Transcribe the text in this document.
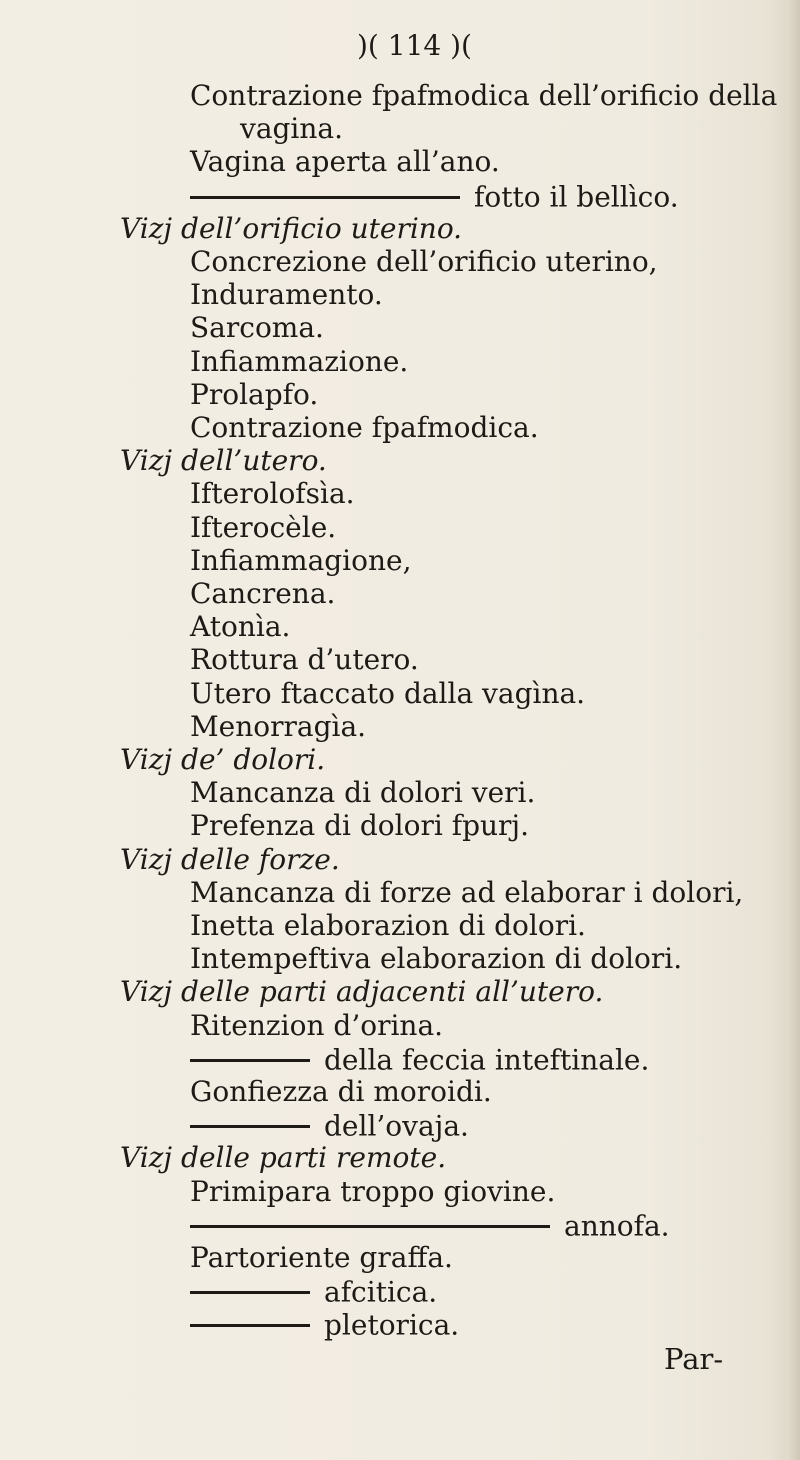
)( 114 )(
Contrazione fpafmodica dell’orificio della
vagina.
Vagina aperta all’ano.
fotto il bellìco.
Vizj dell’orificio uterino.
Concrezione dell’orificio uterino,
Induramento.
Sarcoma.
Infiammazione.
Prolapfo.
Contrazione fpafmodica.
Vizj dell’utero.
Ifterolofsìa.
Ifterocèle.
Infiammagione,
Cancrena.
Atonìa.
Rottura d’utero.
Utero ftaccato dalla vagìna.
Menorragìa.
Vizj de’ dolori.
Mancanza di dolori veri.
Prefenza di dolori fpurj.
Vizj delle forze.
Mancanza di forze ad elaborar i dolori,
Inetta elaborazion di dolori.
Intempeftiva elaborazion di dolori.
Vizj delle parti adjacenti all’utero.
Ritenzion d’orina.
della feccia inteftinale.
Gonfiezza di moroidi.
dell’ovaja.
Vizj delle parti remote.
Primipara troppo giovine.
annofa.
Partoriente graffa.
afcitica.
pletorica.
Par-
